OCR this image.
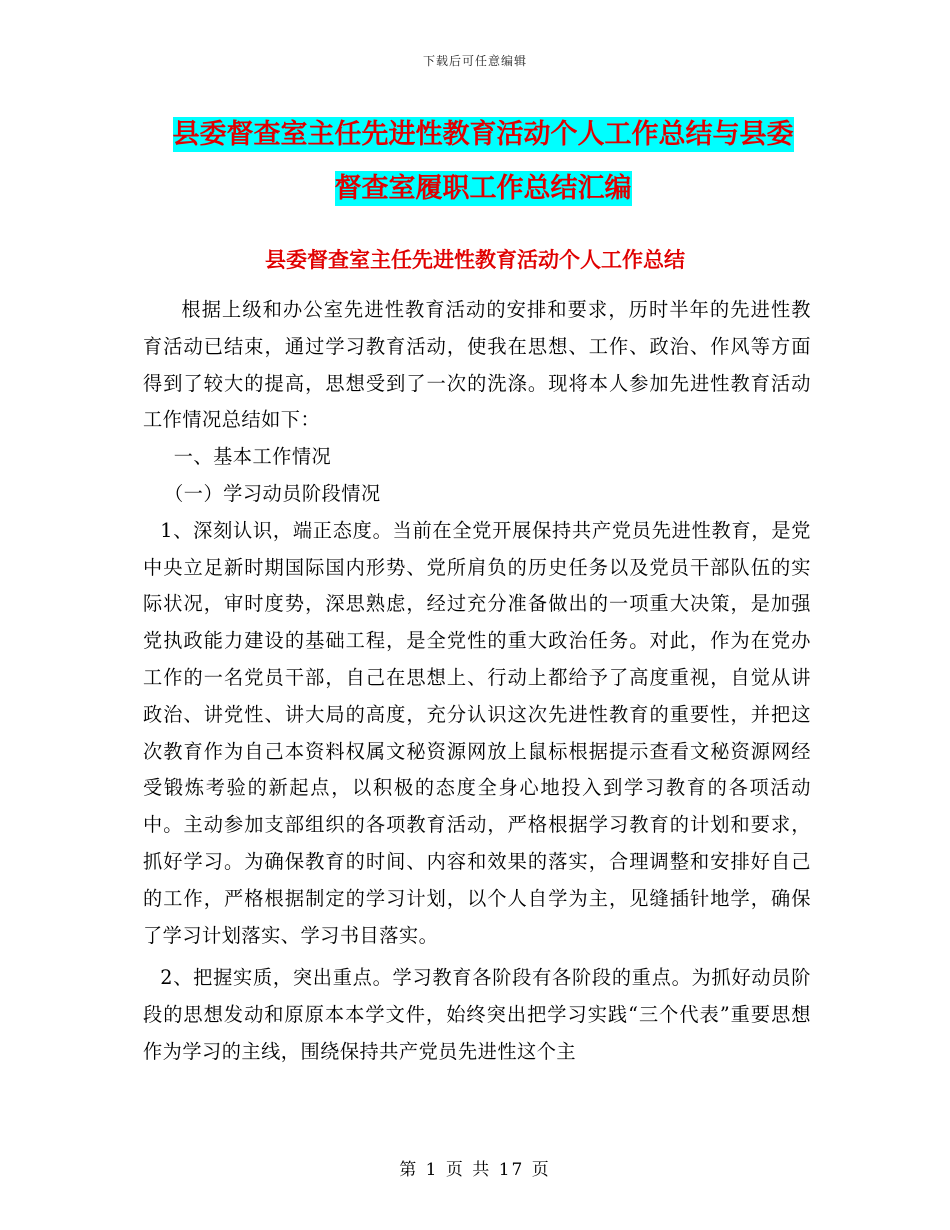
下载后可任意编辑
县委督查室主任先进性教育活动个人工作总结与县委
督查室履职工作总结汇编
县委督查室主任先进性教育活动个人工作总结

根据上级和办公室先进性教育活动的安排和要求，历时半年的先进性教育活动已结束，通过学习教育活动，使我在思想、工作、政治、作风等方面得到了较大的提高，思想受到了一次的洗涤。现将本人参加先进性教育活动工作情况总结如下：

一、基本工作情况

（一）学习动员阶段情况

1、深刻认识，端正态度。当前在全党开展保持共产党员先进性教育，是党中央立足新时期国际国内形势、党所肩负的历史任务以及党员干部队伍的实际状况，审时度势，深思熟虑，经过充分准备做出的一项重大决策，是加强党执政能力建设的基础工程，是全党性的重大政治任务。对此，作为在党办工作的一名党员干部，自己在思想上、行动上都给予了高度重视，自觉从讲政治、讲党性、讲大局的高度，充分认识这次先进性教育的重要性，并把这次教育作为自己本资料权属文秘资源网放上鼠标根据提示查看文秘资源网经受锻炼考验的新起点，以积极的态度全身心地投入到学习教育的各项活动中。主动参加支部组织的各项教育活动，严格根据学习教育的计划和要求，抓好学习。为确保教育的时间、内容和效果的落实，合理调整和安排好自己的工作，严格根据制定的学习计划，以个人自学为主，见缝插针地学，确保了学习计划落实、学习书目落实。

2、把握实质，突出重点。学习教育各阶段有各阶段的重点。为抓好动员阶段的思想发动和原原本本学文件，始终突出把学习实践“三个代表”重要思想作为学习的主线，围绕保持共产党员先进性这个主

第 1 页 共 17 页
